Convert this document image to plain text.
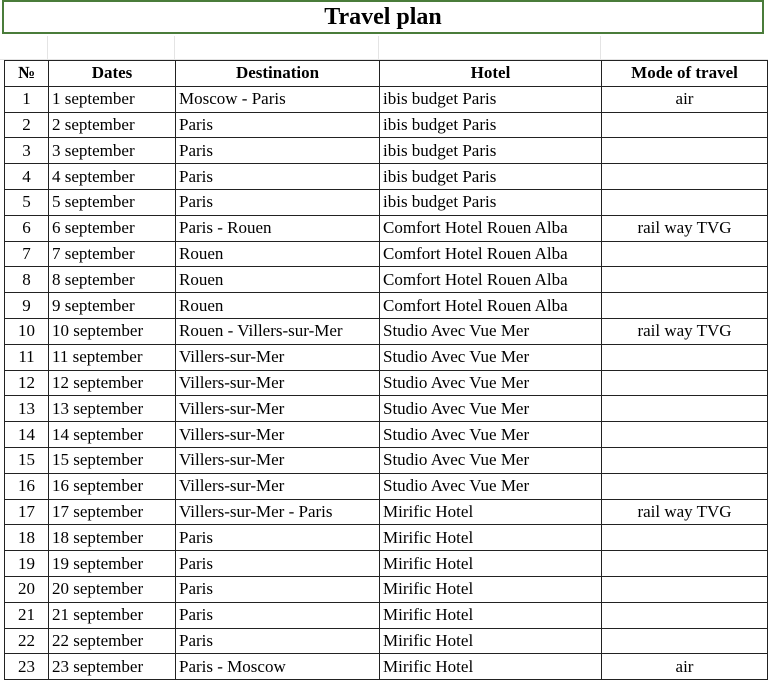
Travel plan
№	Dates	Destination	Hotel	Mode of travel
1	1 september	Moscow - Paris	ibis budget Paris	air
2	2 september	Paris	ibis budget Paris	
3	3 september	Paris	ibis budget Paris	
4	4 september	Paris	ibis budget Paris	
5	5 september	Paris	ibis budget Paris	
6	6 september	Paris - Rouen	Comfort Hotel Rouen Alba	rail way TVG
7	7 september	Rouen	Comfort Hotel Rouen Alba	
8	8 september	Rouen	Comfort Hotel Rouen Alba	
9	9 september	Rouen	Comfort Hotel Rouen Alba	
10	10 september	Rouen - Villers-sur-Mer	Studio Avec Vue Mer	rail way TVG
11	11 september	Villers-sur-Mer	Studio Avec Vue Mer	
12	12 september	Villers-sur-Mer	Studio Avec Vue Mer	
13	13 september	Villers-sur-Mer	Studio Avec Vue Mer	
14	14 september	Villers-sur-Mer	Studio Avec Vue Mer	
15	15 september	Villers-sur-Mer	Studio Avec Vue Mer	
16	16 september	Villers-sur-Mer	Studio Avec Vue Mer	
17	17 september	Villers-sur-Mer - Paris	Mirific Hotel	rail way TVG
18	18 september	Paris	Mirific Hotel	
19	19 september	Paris	Mirific Hotel	
20	20 september	Paris	Mirific Hotel	
21	21 september	Paris	Mirific Hotel	
22	22 september	Paris	Mirific Hotel	
23	23 september	Paris - Moscow	Mirific Hotel	air
